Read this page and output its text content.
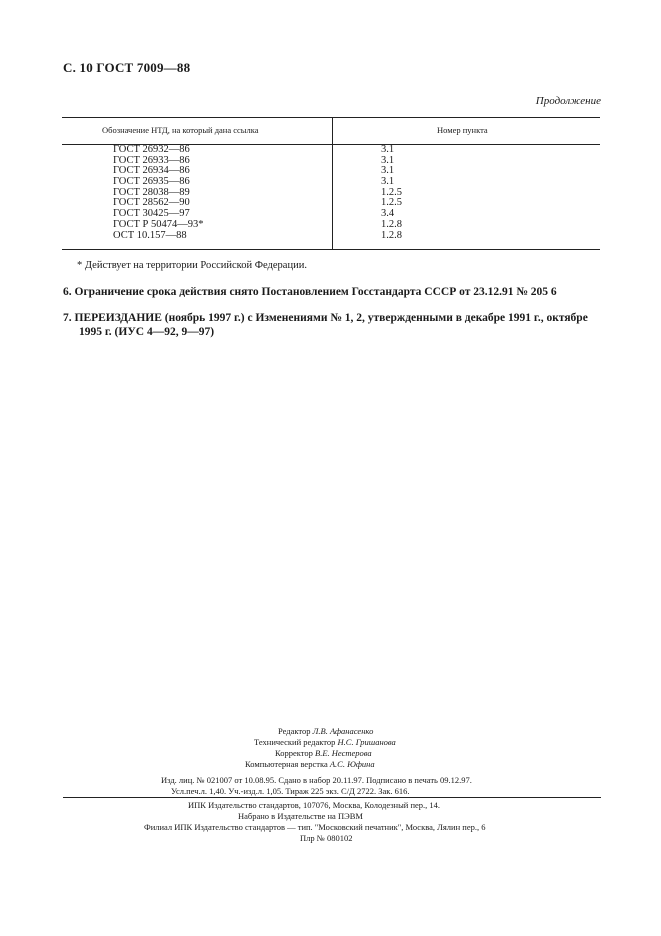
С. 10 ГОСТ 7009—88
Продолжение
Обозначение НТД, на который дана ссылка	Номер пункта
ГОСТ 26932—86	3.1
ГОСТ 26933—86	3.1
ГОСТ 26934—86	3.1
ГОСТ 26935—86	3.1
ГОСТ 28038—89	1.2.5
ГОСТ 28562—90	1.2.5
ГОСТ 30425—97	3.4
ГОСТ Р 50474—93*	1.2.8
ОСТ 10.157—88	1.2.8
* Действует на территории Российской Федерации.
6. Ограничение срока действия снято Постановлением Госстандарта СССР от 23.12.91 № 205 6
7. ПЕРЕИЗДАНИЕ (ноябрь 1997 г.) с Изменениями № 1, 2, утвержденными в декабре 1991 г., октябре
1995 г. (ИУС 4—92, 9—97)
Редактор Л.В. Афанасенко
Технический редактор Н.С. Гришанова
Корректор В.Е. Нестерова
Компьютерная верстка А.С. Юфина
Изд. лиц. № 021007 от 10.08.95. Сдано в набор 20.11.97. Подписано в печать 09.12.97.
Усл.печ.л. 1,40. Уч.-изд.л. 1,05. Тираж 225 экз. С/Д 2722. Зак. 616.
ИПК Издательство стандартов, 107076, Москва, Колодезный пер., 14.
Набрано в Издательстве на ПЭВМ
Филиал ИПК Издательство стандартов — тип. "Московский печатник", Москва, Лялин пер., 6
Плр № 080102
